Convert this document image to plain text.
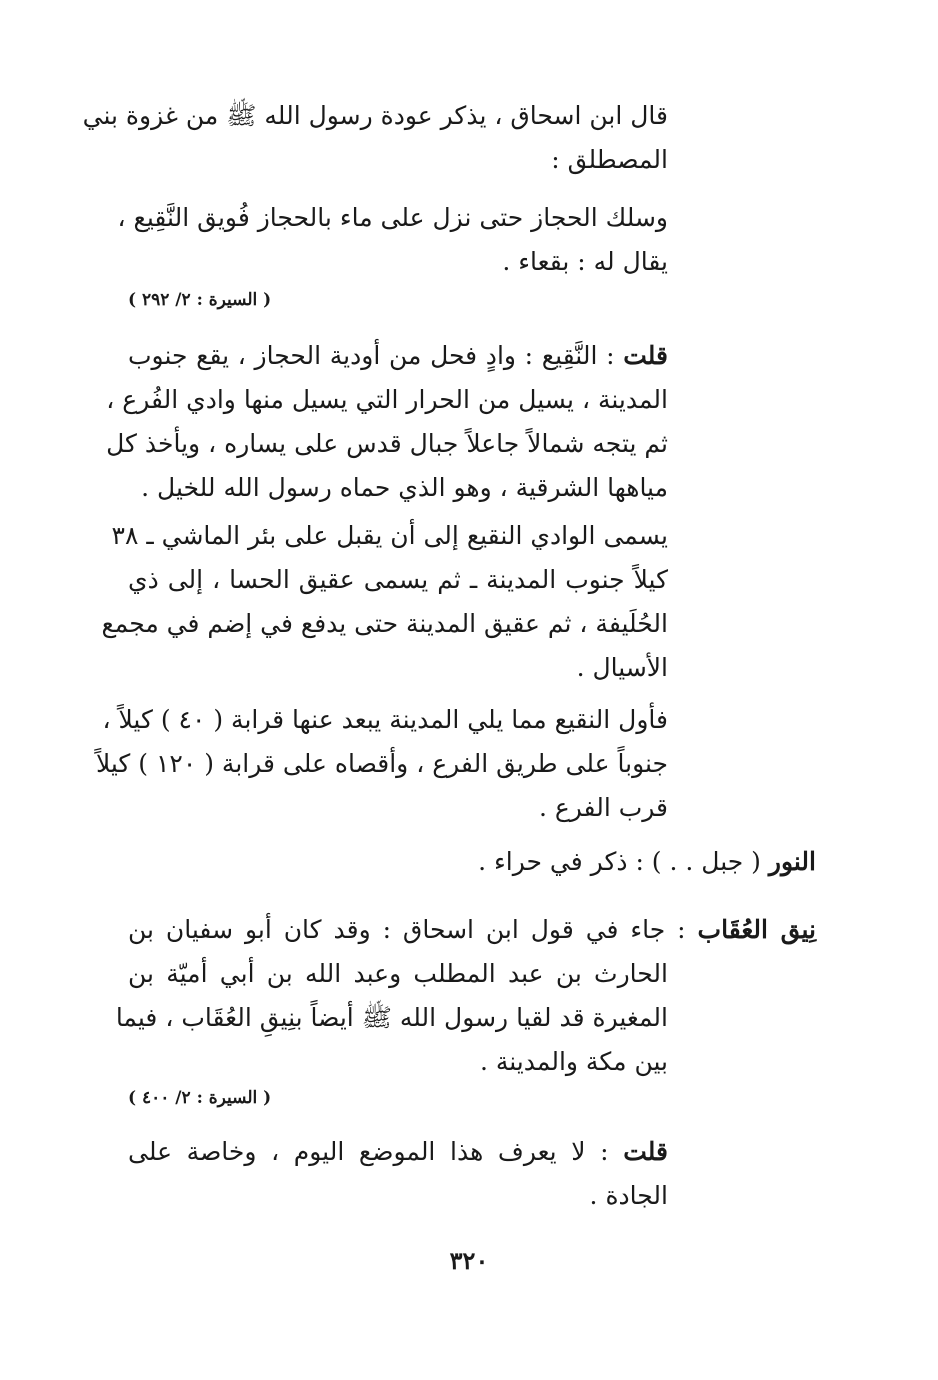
قال ابن اسحاق ، يذكر عودة رسول الله ﷺ من غزوة بني
المصطلق :
وسلك الحجاز حتى نزل على ماء بالحجاز فُويق النَّقِيع ،
يقال له : بقعاء .
( السيرة : ٢/ ٢٩٢ )
قلت : النَّقِيع : وادٍ فحل من أودية الحجاز ، يقع جنوب
المدينة ، يسيل من الحرار التي يسيل منها وادي الفُرع ،
ثم يتجه شمالاً جاعلاً جبال قدس على يساره ، ويأخذ كل
مياهها الشرقية ، وهو الذي حماه رسول الله للخيل .
يسمى الوادي النقيع إلى أن يقبل على بئر الماشي ـ ٣٨
كيلاً جنوب المدينة ـ ثم يسمى عقيق الحسا ، إلى ذي
الحُلَيفة ، ثم عقيق المدينة حتى يدفع في إضم في مجمع
الأسيال .
فأول النقيع مما يلي المدينة يبعد عنها قرابة ( ٤٠ ) كيلاً ،
جنوباً على طريق الفرع ، وأقصاه على قرابة ( ١٢٠ ) كيلاً
قرب الفرع .
النور ( جبل . . ) : ذكر في حراء .
نِيق العُقَاب : جاء في قول ابن اسحاق : وقد كان أبو سفيان بن
الحارث بن عبد المطلب وعبد الله بن أبي أميّة بن
المغيرة قد لقيا رسول الله ﷺ أيضاً بنِيقِ العُقَاب ، فيما
بين مكة والمدينة .
( السيرة : ٢/ ٤٠٠ )
قلت : لا يعرف هذا الموضع اليوم ، وخاصة على
الجادة .
٣٢٠
